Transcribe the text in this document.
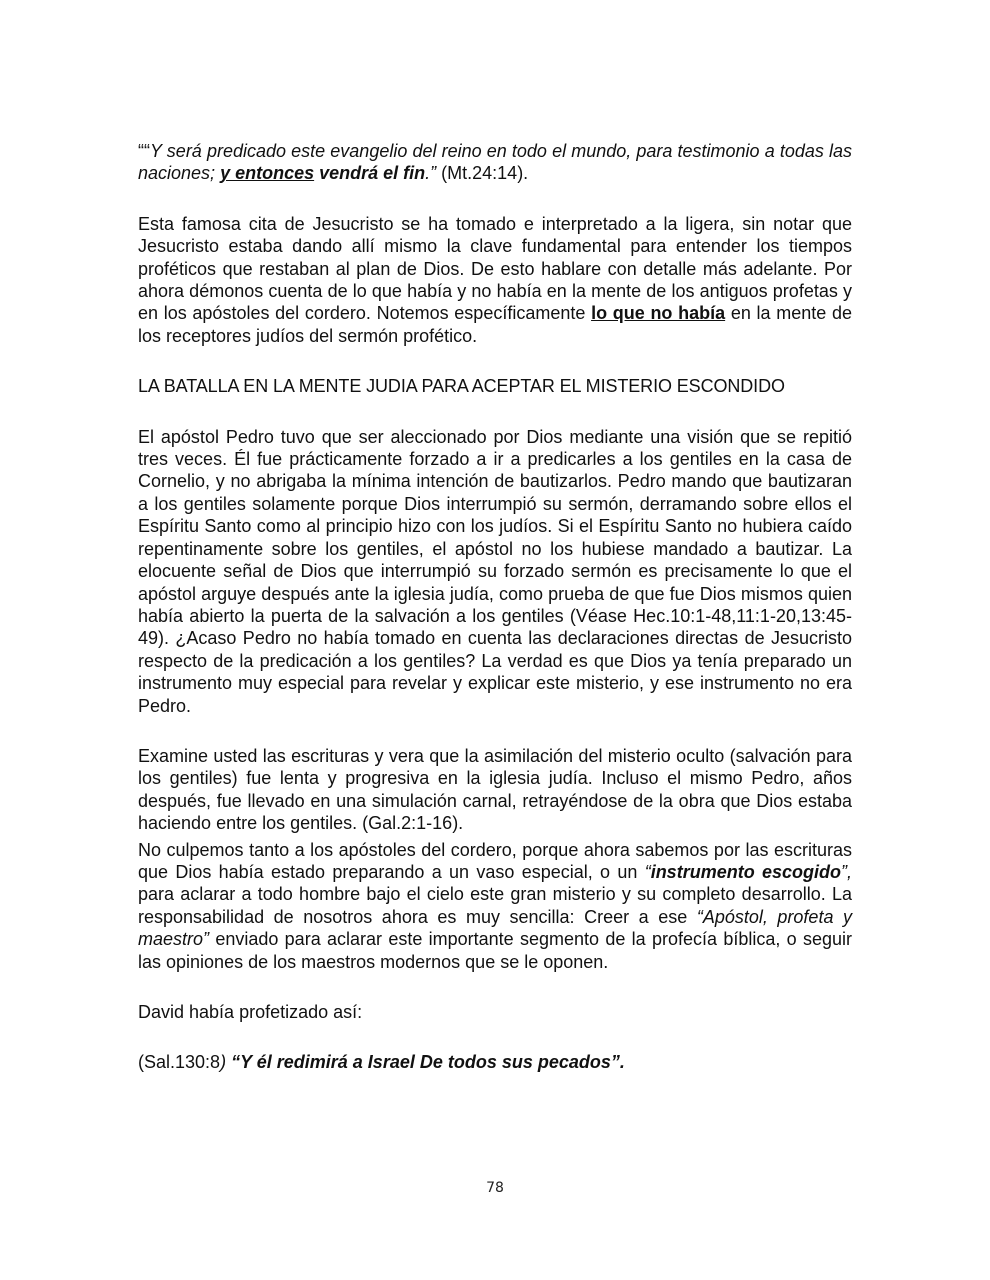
““Y será predicado este evangelio del reino en todo el mundo, para testimonio a todas las naciones; y entonces vendrá el fin.” (Mt.24:14).

Esta famosa cita de Jesucristo se ha tomado e interpretado a la ligera, sin notar que Jesucristo estaba dando allí mismo la clave fundamental para entender los tiempos proféticos que restaban al plan de Dios. De esto hablare con detalle más adelante. Por ahora démonos cuenta de lo que había y no había en la mente de los antiguos profetas y en los apóstoles del cordero. Notemos específicamente lo que no había en la mente de los receptores judíos del sermón profético.

LA BATALLA EN LA MENTE JUDIA PARA ACEPTAR EL MISTERIO ESCONDIDO

El apóstol Pedro tuvo que ser aleccionado por Dios mediante una visión que se repitió tres veces. Él fue prácticamente forzado a ir a predicarles a los gentiles en la casa de Cornelio, y no abrigaba la mínima intención de bautizarlos. Pedro mando que bautizaran a los gentiles solamente porque Dios interrumpió su sermón, derramando sobre ellos el Espíritu Santo como al principio hizo con los judíos. Si el Espíritu Santo no hubiera caído repentinamente sobre los gentiles, el apóstol no los hubiese mandado a bautizar. La elocuente señal de Dios que interrumpió su forzado sermón es precisamente lo que el apóstol arguye después ante la iglesia judía, como prueba de que fue Dios mismos quien había abierto la puerta de la salvación a los gentiles (Véase Hec.10:1-48,11:1-20,13:45-49). ¿Acaso Pedro no había tomado en cuenta las declaraciones directas de Jesucristo respecto de la predicación a los gentiles? La verdad es que Dios ya tenía preparado un instrumento muy especial para revelar y explicar este misterio, y ese instrumento no era Pedro.

Examine usted las escrituras y vera que la asimilación del misterio oculto (salvación para los gentiles) fue lenta y progresiva en la iglesia judía. Incluso el mismo Pedro, años después, fue llevado en una simulación carnal, retrayéndose de la obra que Dios estaba haciendo entre los gentiles. (Gal.2:1-16).

No culpemos tanto a los apóstoles del cordero, porque ahora sabemos por las escrituras que Dios había estado preparando a un vaso especial, o un “instrumento escogido”, para aclarar a todo hombre bajo el cielo este gran misterio y su completo desarrollo. La responsabilidad de nosotros ahora es muy sencilla: Creer a ese “Apóstol, profeta y maestro” enviado para aclarar este importante segmento de la profecía bíblica, o seguir las opiniones de los maestros modernos que se le oponen.

David había profetizado así:

(Sal.130:8) “Y él redimirá a Israel De todos sus pecados”.

78
